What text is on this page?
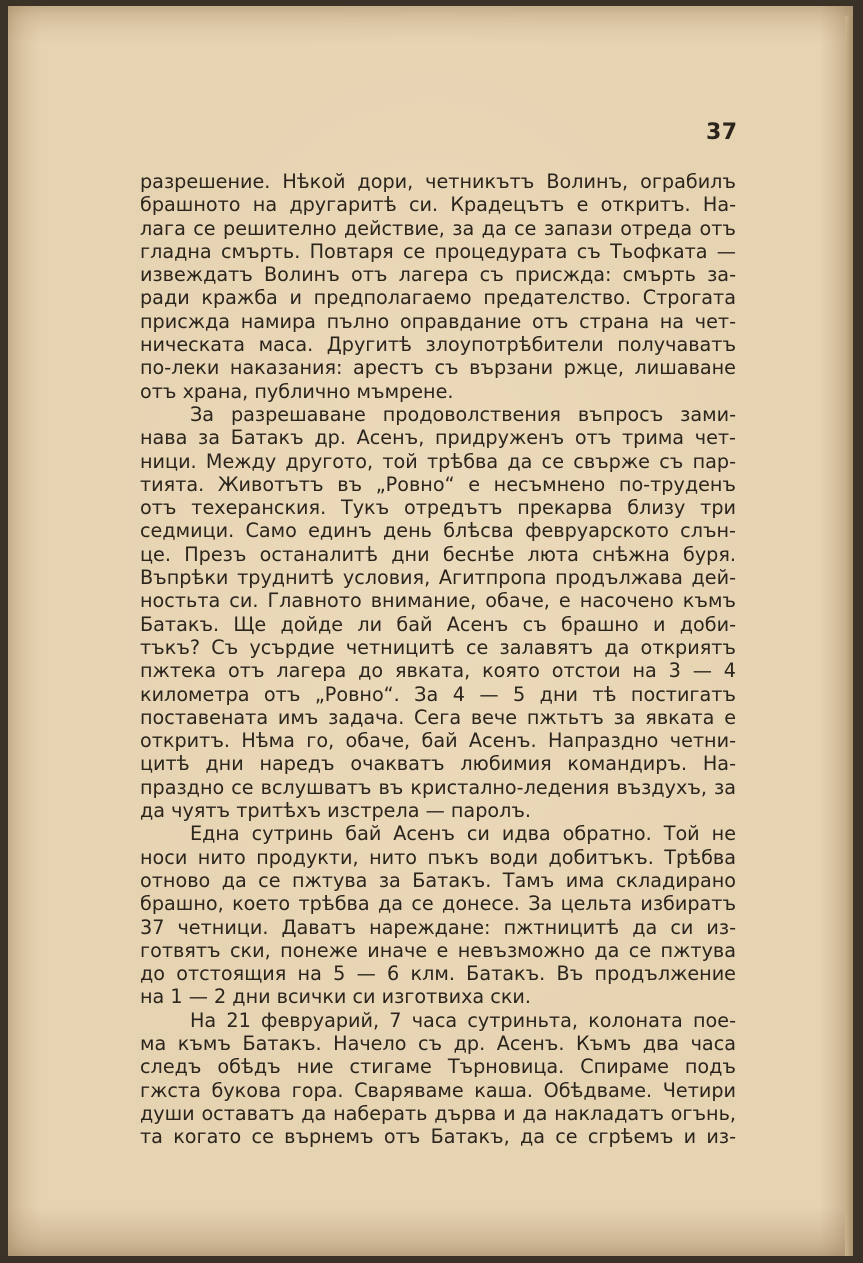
37
разрешение. Нѣкой дори, четникътъ Волинъ, ограбилъ
брашното на другаритѣ си. Крадецътъ е откритъ. На-
лага се решително действие, за да се запази отреда отъ
гладна смърть. Повтаря се процедурата съ Тьофката —
извеждатъ Волинъ отъ лагера съ присжда: смърть за-
ради кражба и предполагаемо предателство. Строгата
присжда намира пълно оправдание отъ страна на чет-
ническата маса. Другитѣ злоупотрѣбители получаватъ
по-леки наказания: арестъ съ вързани ржце, лишаване
отъ храна, публично мъмрене.
За разрешаване продоволствения въпросъ зами-
нава за Батакъ др. Асенъ, придруженъ отъ трима чет-
ници. Между другото, той трѣбва да се свърже съ пар-
тията. Животътъ въ „Ровно“ е несъмнено по-труденъ
отъ техеранския. Тукъ отредътъ прекарва близу три
седмици. Само единъ день блѣсва февруарското слън-
це. Презъ останалитѣ дни беснѣе люта снѣжна буря.
Въпрѣки труднитѣ условия, Агитпропа продължава дей-
ностьта си. Главното внимание, обаче, е насочено къмъ
Батакъ. Ще дойде ли бай Асенъ съ брашно и доби-
тъкъ? Съ усърдие четницитѣ се залавятъ да откриятъ
пжтека отъ лагера до явката, която отстои на 3 — 4
километра отъ „Ровно“. За 4 — 5 дни тѣ постигатъ
поставената имъ задача. Сега вече пжтьтъ за явката е
откритъ. Нѣма го, обаче, бай Асенъ. Напраздно четни-
цитѣ дни наредъ очакватъ любимия командиръ. На-
праздно се вслушватъ въ кристално-ледения въздухъ, за
да чуятъ тритѣхъ изстрела — паролъ.
Една сутринь бай Асенъ си идва обратно. Той не
носи нито продукти, нито пъкъ води добитъкъ. Трѣбва
отново да се пжтува за Батакъ. Тамъ има складирано
брашно, което трѣбва да се донесе. За цельта избиратъ
37 четници. Даватъ нареждане: пжтницитѣ да си из-
готвятъ ски, понеже иначе е невъзможно да се пжтува
до отстоящия на 5 — 6 клм. Батакъ. Въ продължение
на 1 — 2 дни всички си изготвиха ски.
На 21 февруарий, 7 часа сутриньта, колоната пое-
ма къмъ Батакъ. Начело съ др. Асенъ. Къмъ два часа
следъ обѣдъ ние стигаме Търновица. Спираме подъ
гжста букова гора. Сваряваме каша. Обѣдваме. Четири
души оставатъ да наберать дърва и да накладатъ огънь,
та когато се върнемъ отъ Батакъ, да се сгрѣемъ и из-
